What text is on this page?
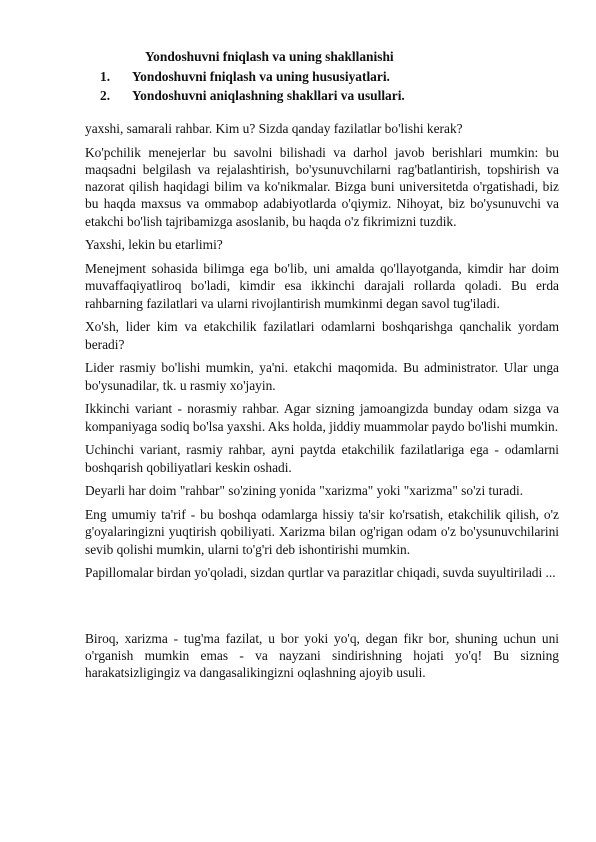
Yondoshuvni fniqlash va uning shakllanishi
1. Yondoshuvni fniqlash va uning hususiyatlari.
2. Yondoshuvni aniqlashning shakllari va usullari.

yaxshi, samarali rahbar. Kim u? Sizda qanday fazilatlar bo'lishi kerak?

Ko'pchilik menejerlar bu savolni bilishadi va darhol javob berishlari mumkin: bu maqsadni belgilash va rejalashtirish, bo'ysunuvchilarni rag'batlantirish, topshirish va nazorat qilish haqidagi bilim va ko'nikmalar. Bizga buni universitetda o'rgatishadi, biz bu haqda maxsus va ommabop adabiyotlarda o'qiymiz. Nihoyat, biz bo'ysunuvchi va etakchi bo'lish tajribamizga asoslanib, bu haqda o'z fikrimizni tuzdik.

Yaxshi, lekin bu etarlimi?

Menejment sohasida bilimga ega bo'lib, uni amalda qo'llayotganda, kimdir har doim muvaffaqiyatliroq bo'ladi, kimdir esa ikkinchi darajali rollarda qoladi. Bu erda rahbarning fazilatlari va ularni rivojlantirish mumkinmi degan savol tug'iladi.

Xo'sh, lider kim va etakchilik fazilatlari odamlarni boshqarishga qanchalik yordam beradi?

Lider rasmiy bo'lishi mumkin, ya'ni. etakchi maqomida. Bu administrator. Ular unga bo'ysunadilar, tk. u rasmiy xo'jayin.

Ikkinchi variant - norasmiy rahbar. Agar sizning jamoangizda bunday odam sizga va kompaniyaga sodiq bo'lsa yaxshi. Aks holda, jiddiy muammolar paydo bo'lishi mumkin.

Uchinchi variant, rasmiy rahbar, ayni paytda etakchilik fazilatlariga ega - odamlarni boshqarish qobiliyatlari keskin oshadi.

Deyarli har doim "rahbar" so'zining yonida "xarizma" yoki "xarizma" so'zi turadi.

Eng umumiy ta'rif - bu boshqa odamlarga hissiy ta'sir ko'rsatish, etakchilik qilish, o'z g'oyalaringizni yuqtirish qobiliyati. Xarizma bilan og'rigan odam o'z bo'ysunuvchilarini sevib qolishi mumkin, ularni to'g'ri deb ishontirishi mumkin.

Papillomalar birdan yo'qoladi, sizdan qurtlar va parazitlar chiqadi, suvda suyultiriladi ...

Biroq, xarizma - tug'ma fazilat, u bor yoki yo'q, degan fikr bor, shuning uchun uni o'rganish mumkin emas - va nayzani sindirishning hojati yo'q! Bu sizning harakatsizligingiz va dangasalikingizni oqlashning ajoyib usuli.
